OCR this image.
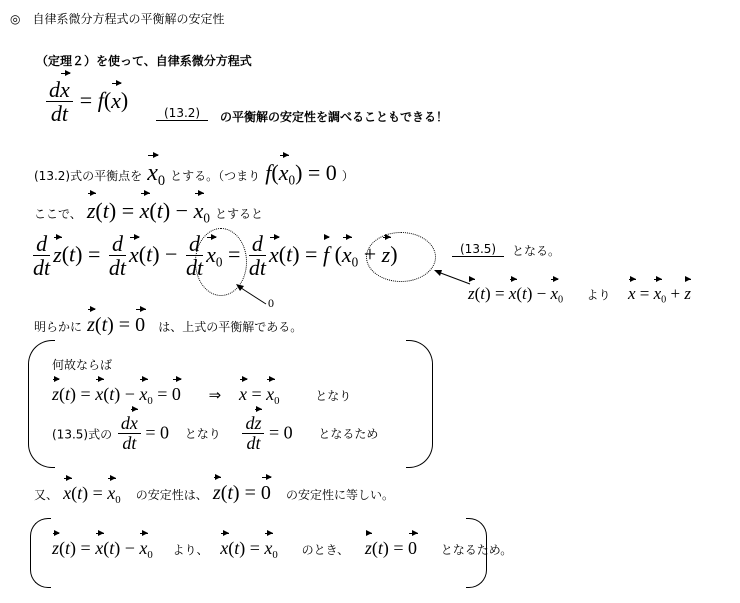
◎　自律系微分方程式の平衡解の安定性
（定理２）を使って、自律系微分方程式
$\frac{dx}{dt} = f(x)$
(13.2)	の平衡解の安定性を調べることもできる！
(13.2)式の平衡点を $x_0$ とする。（つまり $f(x_0) = 0$ ）
ここで、 $z(t) = x(t) - x_0$ とすると
$\frac{d}{dt} z(t) = \frac{d}{dt} x(t) - \frac{d}{dt} x_0 = \frac{d}{dt} x(t) = f$ $(x_0 + z)$
0
(13.5)	となる。
$z(t) = x(t) - x_0$ より $x = x_0 + z$
明らかに z(t) = 0 は、上式の平衡解である。
何故ならば
$z(t) = x(t) - x_0 = 0$ ⇒ $x = x_0$	となり
(13.5)式の $\frac{dx}{dt} = 0$ となり $\frac{dz}{dt} = 0$ となるため
又、 $x(t) = x_0$ の安定性は、 z(t) = 0 の安定性に等しい。
$z(t) = x(t) - x_0$ より、 $x(t) = x_0$ のとき、 z(t) = 0 となるため。
